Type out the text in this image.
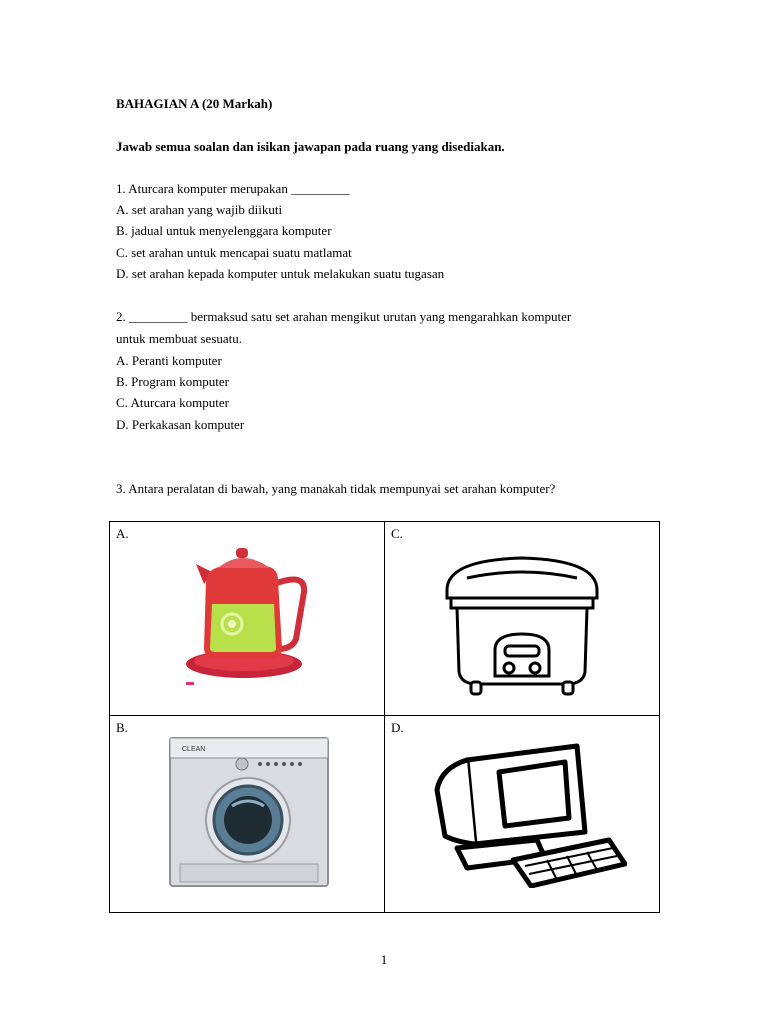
BAHAGIAN A (20 Markah)
Jawab semua soalan dan isikan jawapan pada ruang yang disediakan.
1. Aturcara komputer merupakan _________
A. set arahan yang wajib diikuti
B. jadual untuk menyelenggara komputer
C. set arahan untuk mencapai suatu matlamat
D. set arahan kepada komputer untuk melakukan suatu tugasan
2. _________ bermaksud satu set arahan mengikut urutan yang mengarahkan komputer
untuk membuat sesuatu.
A. Peranti komputer
B. Program komputer
C. Aturcara komputer
D. Perkakasan komputer
3. Antara peralatan di bawah, yang manakah tidak mempunyai set arahan komputer?
A.	C.

B.
CLEAN	D.
1
